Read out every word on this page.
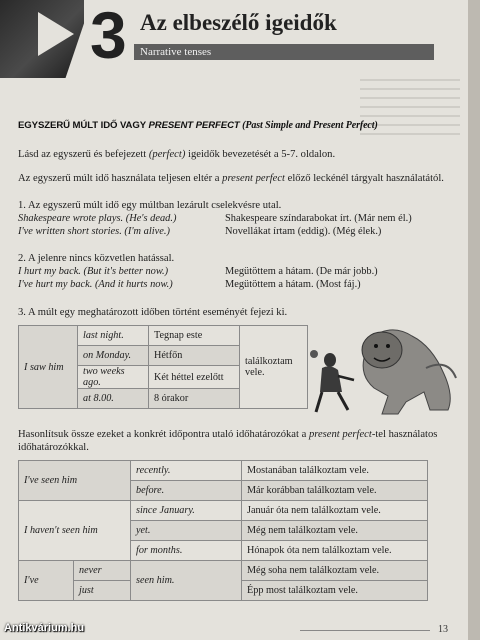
3 Az elbeszélő igeidők
Narrative tenses
EGYSZERŰ MÚLT IDŐ VAGY PRESENT PERFECT (Past Simple and Present Perfect)
Lásd az egyszerű és befejezett (perfect) igeidők bevezetését a 5-7. oldalon.
Az egyszerű múlt idő használata teljesen eltér a present perfect előző leckénél tárgyalt használatától.
1. Az egyszerű múlt idő egy múltban lezárult cselekvésre utal.
Shakespeare wrote plays. (He's dead.)	Shakespeare színdarabokat írt. (Már nem él.)
I've written short stories. (I'm alive.)	Novellákat írtam (eddig). (Még élek.)
2. A jelenre nincs közvetlen hatással.
I hurt my back. (But it's better now.)	Megütöttem a hátam. (De már jobb.)
I've hurt my back. (And it hurts now.)	Megütöttem a hátam. (Most fáj.)
3. A múlt egy meghatározott időben történt eseményét fejezi ki.
I saw him	last night.	Tegnap este	találkoztam vele.
	on Monday.	Hétfőn	
	two weeks ago.	Két héttel ezelőtt	
	at 8.00.	8 órakor	
Hasonlítsuk össze ezeket a konkrét időpontra utaló időhatározókat a present perfect-tel használatos időhatározókkal.
I've seen him		recently.	Mostanában találkoztam vele.
		before.	Már korábban találkoztam vele.
I haven't seen him		since January.	Január óta nem találkoztam vele.
		yet.	Még nem találkoztam vele.
		for months.	Hónapok óta nem találkoztam vele.
I've	never	seen him.	Még soha nem találkoztam vele.
	just		Épp most találkoztam vele.
13
Antikvárium.hu
